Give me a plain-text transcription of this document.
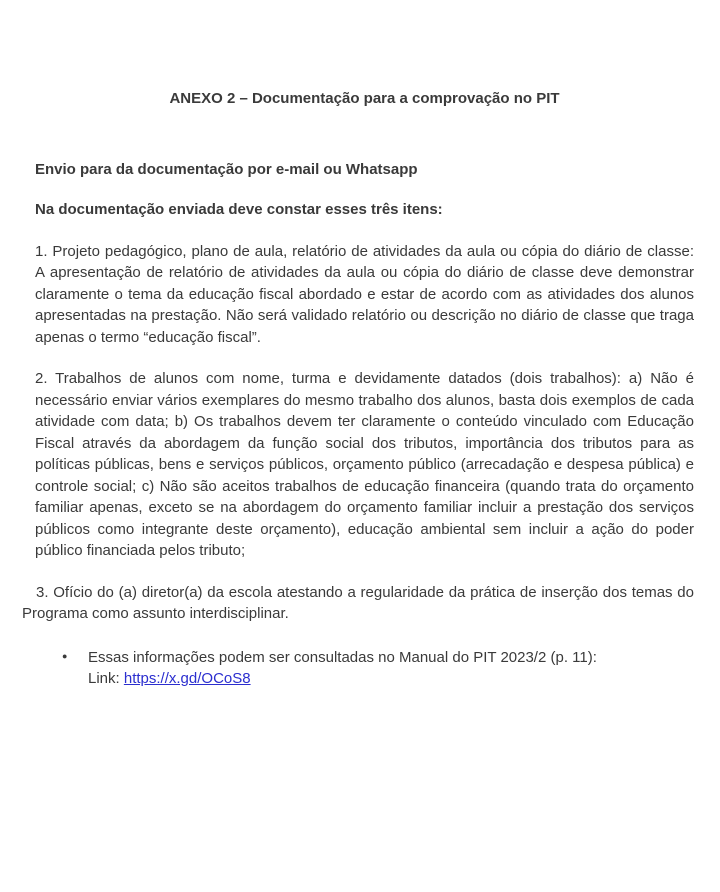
ANEXO 2 – Documentação para a comprovação no PIT

Envio para da documentação por e-mail ou Whatsapp

Na documentação enviada deve constar esses três itens:

1. Projeto pedagógico, plano de aula, relatório de atividades da aula ou cópia do diário de classe: A apresentação de relatório de atividades da aula ou cópia do diário de classe deve demonstrar claramente o tema da educação fiscal abordado e estar de acordo com as atividades dos alunos apresentadas na prestação. Não será validado relatório ou descrição no diário de classe que traga apenas o termo “educação fiscal”.

2. Trabalhos de alunos com nome, turma e devidamente datados (dois trabalhos): a) Não é necessário enviar vários exemplares do mesmo trabalho dos alunos, basta dois exemplos de cada atividade com data; b) Os trabalhos devem ter claramente o conteúdo vinculado com Educação Fiscal através da abordagem da função social dos tributos, importância dos tributos para as políticas públicas, bens e serviços públicos, orçamento público (arrecadação e despesa pública) e controle social; c) Não são aceitos trabalhos de educação financeira (quando trata do orçamento familiar apenas, exceto se na abordagem do orçamento familiar incluir a prestação dos serviços públicos como integrante deste orçamento), educação ambiental sem incluir a ação do poder público financiada pelos tributo;

3. Ofício do (a) diretor(a) da escola atestando a regularidade da prática de inserção dos temas do Programa como assunto interdisciplinar.

● Essas informações podem ser consultadas no Manual do PIT 2023/2 (p. 11):
Link: https://x.gd/OCoS8
